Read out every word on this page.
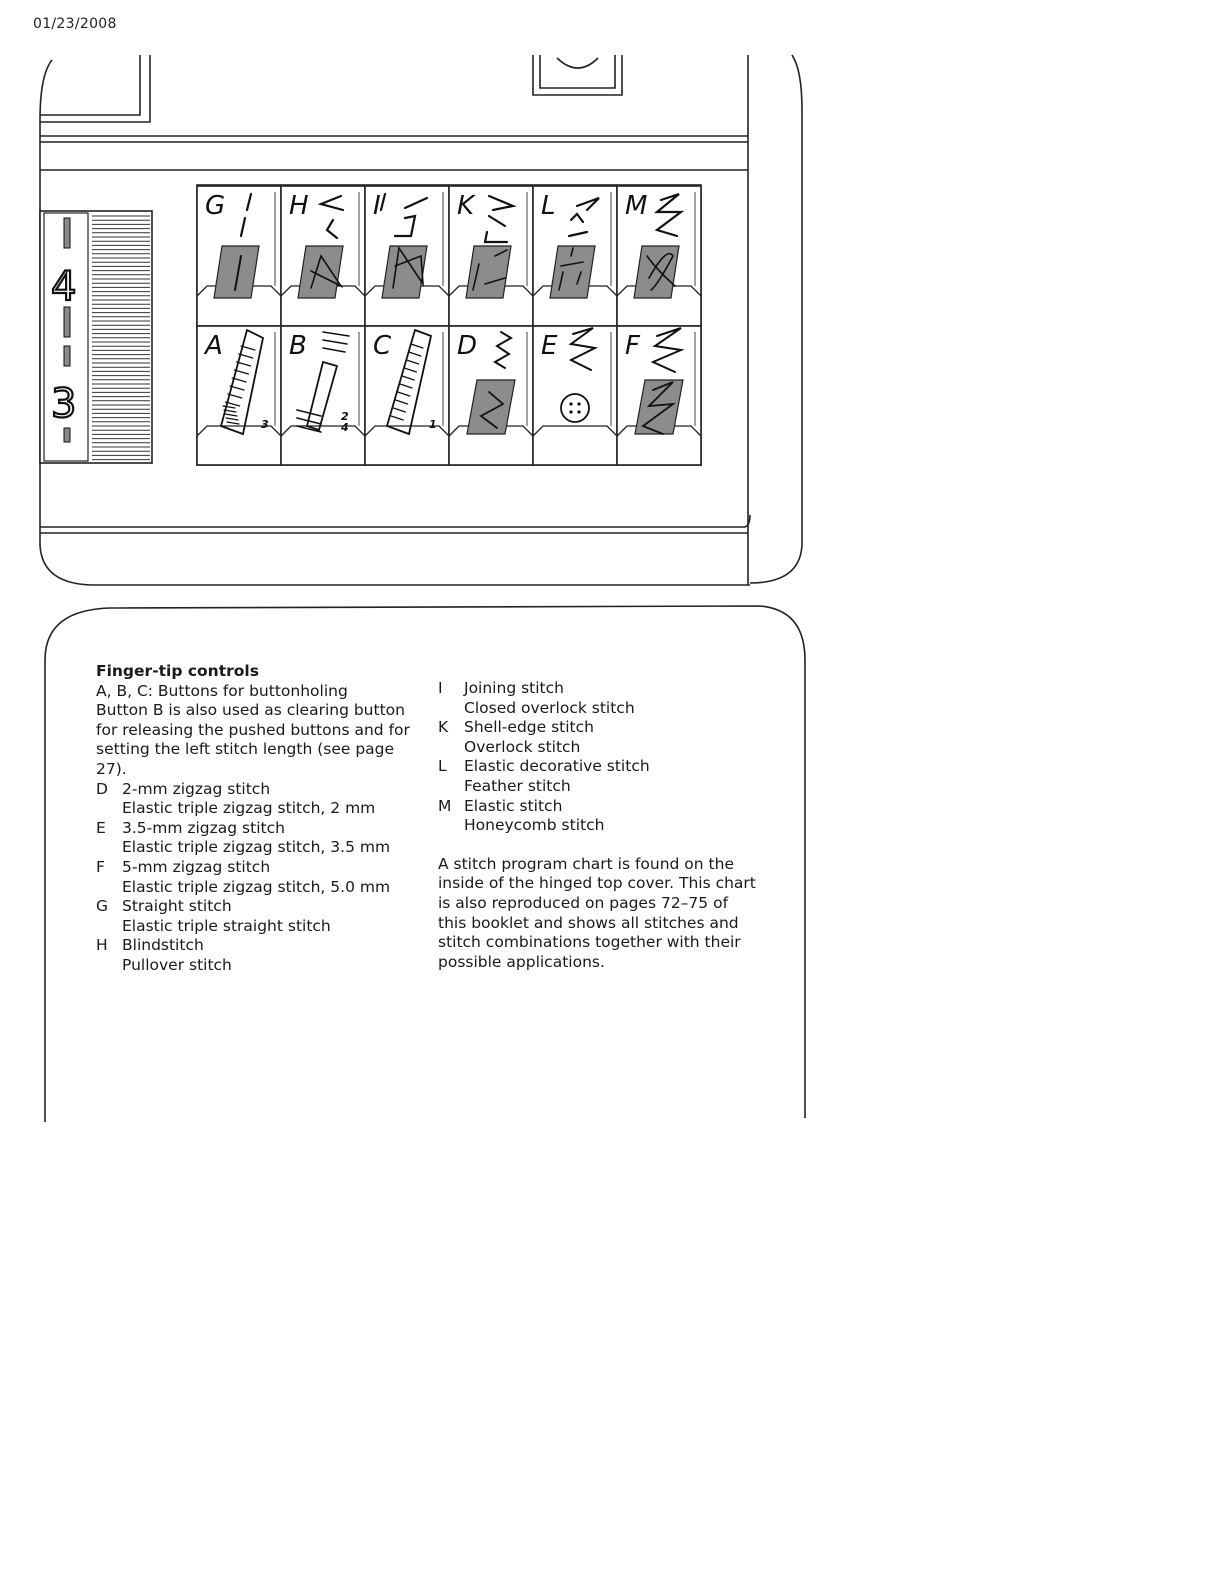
01/23/2008
4
3
G H I	K	L	M
A
3
B
2
4
C
1
D E	F
Finger-tip controls
A, B, C: Buttons for buttonholing
Button B is also used as clearing button
for releasing the pushed buttons and for
setting the left stitch length (see page
27).
D 2-mm zigzag stitch
Elastic triple zigzag stitch, 2 mm
E	3.5-mm zigzag stitch
Elastic triple zigzag stitch, 3.5 mm
F	5-mm zigzag stitch
Elastic triple zigzag stitch, 5.0 mm
G Straight stitch
Elastic triple straight stitch
H Blindstitch
Pullover stitch
I	Joining stitch
Closed overlock stitch
K	Shell-edge stitch
Overlock stitch
L	Elastic decorative stitch
Feather stitch
M Elastic stitch
Honeycomb stitch
A stitch program chart is found on the
inside of the hinged top cover. This chart
is also reproduced on pages 72–75 of
this booklet and shows all stitches and
stitch combinations together with their
possible applications.
